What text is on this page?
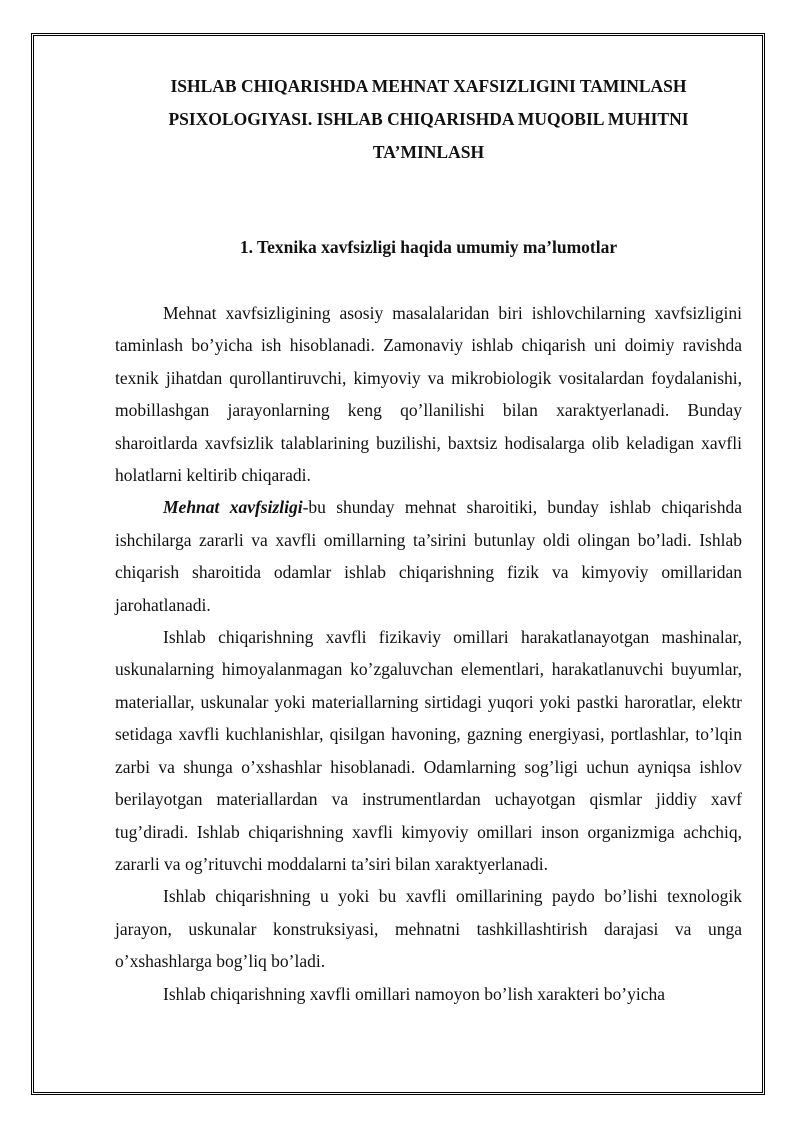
ISHLAB CHIQARISHDA MEHNAT XAFSIZLIGINI TAMINLASH PSIXOLOGIYASI. ISHLAB CHIQARISHDA MUQOBIL MUHITNI TA’MINLASH
1. Texnika xavfsizligi haqida umumiy ma’lumotlar

Mehnat xavfsizligining asosiy masalalaridan biri ishlovchilarning xavfsizligini taminlash bo’yicha ish hisoblanadi. Zamonaviy ishlab chiqarish uni doimiy ravishda texnik jihatdan qurollantiruvchi, kimyoviy va mikrobiologik vositalardan foydalanishi, mobillashgan jarayonlarning keng qo’llanilishi bilan xaraktyerlanadi. Bunday sharoitlarda xavfsizlik talablarining buzilishi, baxtsiz hodisalarga olib keladigan xavfli holatlarni keltirib chiqaradi.

Mehnat xavfsizligi-bu shunday mehnat sharoitiki, bunday ishlab chiqarishda ishchilarga zararli va xavfli omillarning ta’sirini butunlay oldi olingan bo’ladi. Ishlab chiqarish sharoitida odamlar ishlab chiqarishning fizik va kimyoviy omillaridan jarohatlanadi.

Ishlab chiqarishning xavfli fizikaviy omillari harakatlanayotgan mashinalar, uskunalarning himoyalanmagan ko’zgaluvchan elementlari, harakatlanuvchi buyumlar, materiallar, uskunalar yoki materiallarning sirtidagi yuqori yoki pastki haroratlar, elektr setidaga xavfli kuchlanishlar, qisilgan havoning, gazning energiyasi, portlashlar, to’lqin zarbi va shunga o’xshashlar hisoblanadi. Odamlarning sog’ligi uchun ayniqsa ishlov berilayotgan materiallardan va instrumentlardan uchayotgan qismlar jiddiy xavf tug’diradi. Ishlab chiqarishning xavfli kimyoviy omillari inson organizmiga achchiq, zararli va og’rituvchi moddalarni ta’siri bilan xaraktyerlanadi.

Ishlab chiqarishning u yoki bu xavfli omillarining paydo bo’lishi texnologik jarayon, uskunalar konstruksiyasi, mehnatni tashkillashtirish darajasi va unga o’xshashlarga bog’liq bo’ladi.

Ishlab chiqarishning xavfli omillari namoyon bo’lish xarakteri bo’yicha
